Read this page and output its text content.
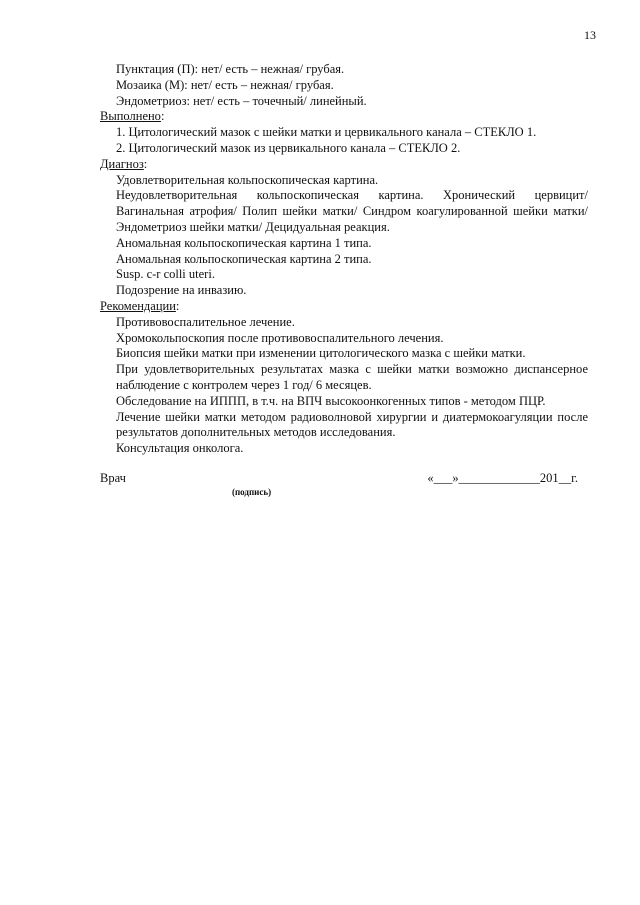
13
Пунктация (П): нет/ есть – нежная/ грубая.
Мозаика (М): нет/ есть – нежная/ грубая.
Эндометриоз: нет/ есть – точечный/ линейный.
Выполнено:
1. Цитологический мазок с шейки матки и цервикального канала – СТЕКЛО 1.
2. Цитологический мазок из цервикального канала – СТЕКЛО 2.
Диагноз:
Удовлетворительная кольпоскопическая картина.
Неудовлетворительная кольпоскопическая картина. Хронический цервицит/ Вагинальная атрофия/ Полип шейки матки/ Синдром коагулированной шейки матки/ Эндометриоз шейки матки/ Децидуальная реакция.
Аномальная кольпоскопическая картина 1 типа.
Аномальная кольпоскопическая картина 2 типа.
Susp. c-r colli uteri.
Подозрение на инвазию.
Рекомендации:
Противовоспалительное лечение.
Хромокольпоскопия после противовоспалительного лечения.
Биопсия шейки матки при изменении цитологического мазка с шейки матки.
При удовлетворительных результатах мазка с шейки матки возможно диспансерное наблюдение с контролем через 1 год/ 6 месяцев.
Обследование на ИППП, в т.ч. на ВПЧ высокоонкогенных типов - методом ПЦР.
Лечение шейки матки методом радиоволновой хирургии и диатермокоагуляции после результатов дополнительных методов исследования.
Консультация онколога.
Врач	«___»_____________201__г.
(подпись)
